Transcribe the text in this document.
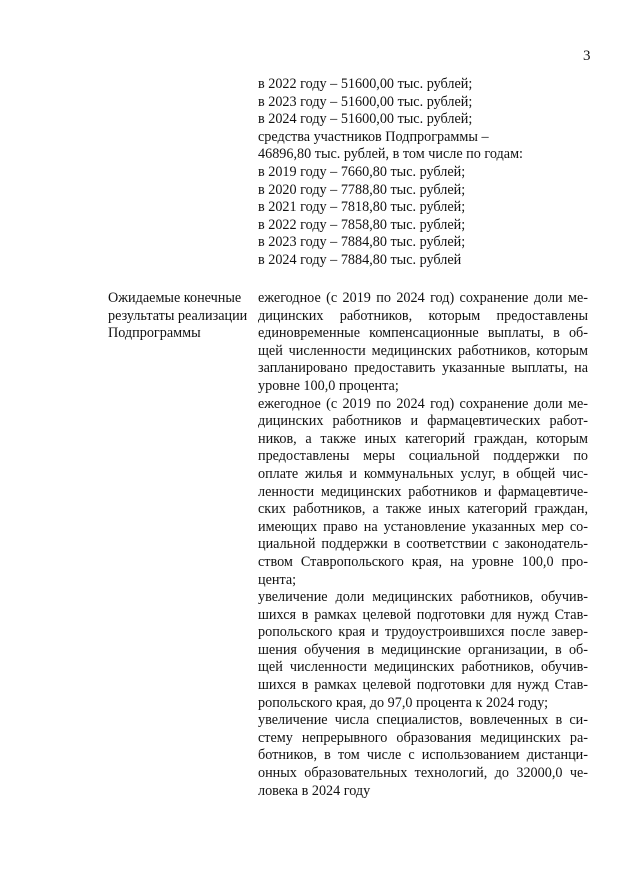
3
в 2022 году – 51600,00 тыс. рублей;
в 2023 году – 51600,00 тыс. рублей;
в 2024 году – 51600,00 тыс. рублей;
средства участников Подпрограммы –
46896,80 тыс. рублей, в том числе по годам:
в 2019 году – 7660,80 тыс. рублей;
в 2020 году – 7788,80 тыс. рублей;
в 2021 году – 7818,80 тыс. рублей;
в 2022 году – 7858,80 тыс. рублей;
в 2023 году – 7884,80 тыс. рублей;
в 2024 году – 7884,80 тыс. рублей
Ожидаемые конечные
результаты реализации
Подпрограммы
ежегодное (с 2019 по 2024 год) сохранение доли ме-
дицинских работников, которым предоставлены
единовременные компенсационные выплаты, в об-
щей численности медицинских работников, которым
запланировано предоставить указанные выплаты, на
уровне 100,0 процента;
ежегодное (с 2019 по 2024 год) сохранение доли ме-
дицинских работников и фармацевтических работ-
ников, а также иных категорий граждан, которым
предоставлены меры социальной поддержки по
оплате жилья и коммунальных услуг, в общей чис-
ленности медицинских работников и фармацевтиче-
ских работников, а также иных категорий граждан,
имеющих право на установление указанных мер со-
циальной поддержки в соответствии с законодатель-
ством Ставропольского края, на уровне 100,0 про-
цента;
увеличение доли медицинских работников, обучив-
шихся в рамках целевой подготовки для нужд Став-
ропольского края и трудоустроившихся после завер-
шения обучения в медицинские организации, в об-
щей численности медицинских работников, обучив-
шихся в рамках целевой подготовки для нужд Став-
ропольского края, до 97,0 процента к 2024 году;
увеличение числа специалистов, вовлеченных в си-
стему непрерывного образования медицинских ра-
ботников, в том числе с использованием дистанци-
онных образовательных технологий, до 32000,0 че-
ловека в 2024 году
